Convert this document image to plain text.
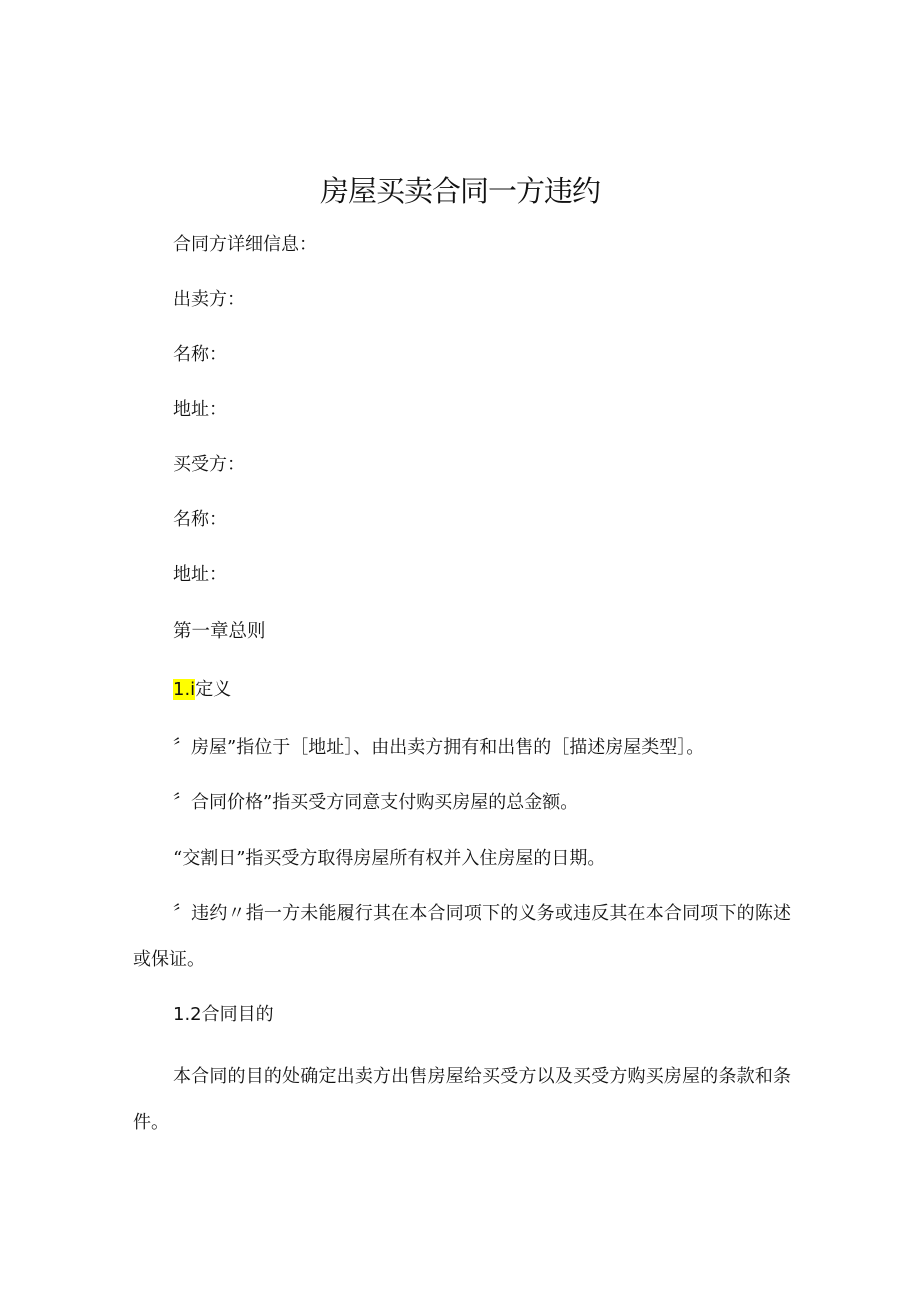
房屋买卖合同一方违约

合同方详细信息：

出卖方：

名称：

地址：

买受方：

名称：

地址：

第一章总则

1.i定义

〞房屋”指位于［地址］、由出卖方拥有和出售的［描述房屋类型］。

〞合同价格”指买受方同意支付购买房屋的总金额。

“交割日”指买受方取得房屋所有权并入住房屋的日期。

〞违约〃指一方未能履行其在本合同项下的义务或违反其在本合同项下的陈述或保证。

1.2合同目的

本合同的目的处确定出卖方出售房屋给买受方以及买受方购买房屋的条款和条件。
